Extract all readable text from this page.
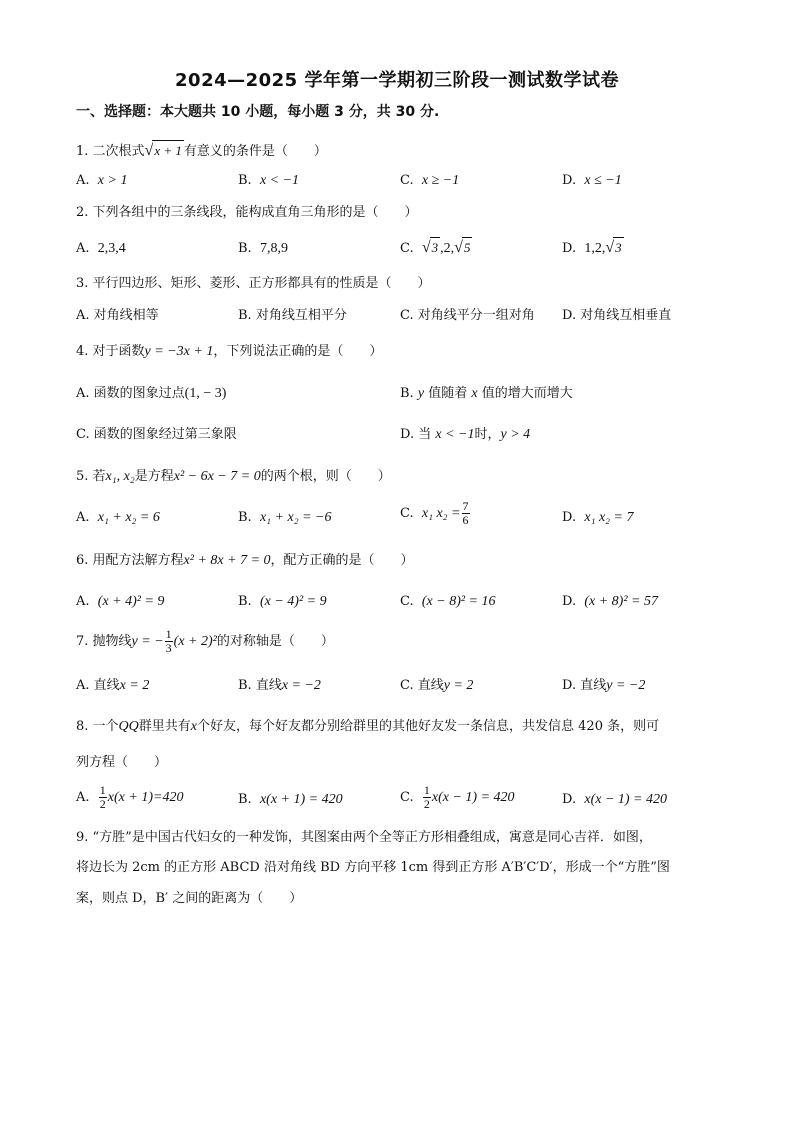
2024—2025 学年第一学期初三阶段一测试数学试卷
一、选择题：本大题共 10 小题，每小题 3 分，共 30 分.
1. 二次根式√x + 1 有意义的条件是（　　）
A. x > 1	B. x < −1	C. x ≥ −1	D. x ≤ −1
2. 下列各组中的三条线段，能构成直角三角形的是（　　）
A. 2,3,4	B. 7,8,9	C. √3 ,2,√5	D. 1,2,√3
3. 平行四边形、矩形、菱形、正方形都具有的性质是（　　）
A. 对角线相等	B. 对角线互相平分	C. 对角线平分一组对角 D. 对角线互相垂直
4. 对于函数y = −3x + 1，下列说法正确的是（　　）
A. 函数的图象过点(1, − 3)	B. y 值随着 x 值的增大而增大
C. 函数的图象经过第三象限	D. 当 x < −1时，y > 4
5. 若x₁, x₂是方程x² − 6x − 7 = 0的两个根，则（　　）
A. x₁ + x₂ = 6	B. x₁ + x₂ = −6	C. x₁ $x_2 = \frac{7}{6}$	D. x₁ x₂ = 7
6. 用配方法解方程x² + 8x + 7 = 0，配方正确的是（　　）
A. (x + 4)² = 9	B. (x − 4)² = 9	C. (x − 8)² = 16	D. (x + 8)² = 57
7. 抛物线y = − $\frac{1}{3} (x + 2)^2$的对称轴是（　　）
A. 直线x = 2	B. 直线x = −2	C. 直线y = 2	D. 直线y = −2
8. 一个QQ群里共有x个好友，每个好友都分别给群里的其他好友发一条信息，共发信息 420 条，则可
列方程（　　）
A. $\frac{1}{2} x(x + 1)=420$	B. x(x + 1) = 420	C. $\frac{1}{2} x(x - 1) = 420$	D. x(x − 1) = 420
9. “方胜”是中国古代妇女的一种发饰，其图案由两个全等正方形相叠组成，寓意是同心吉祥．如图，
将边长为 2cm 的正方形 ABCD 沿对角线 BD 方向平移 1cm 得到正方形 A′B′C′D′，形成一个“方胜”图
案，则点 D，B′ 之间的距离为（　　）
